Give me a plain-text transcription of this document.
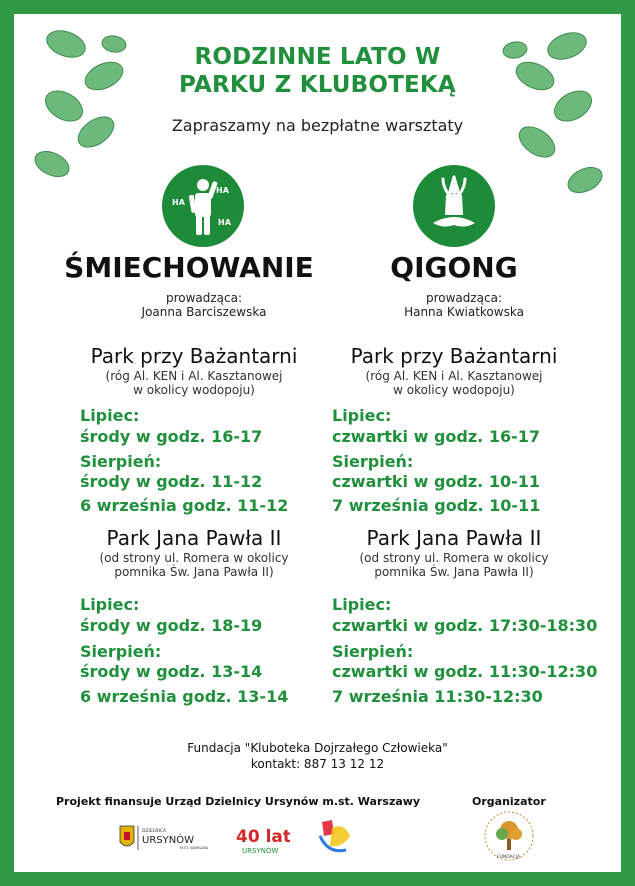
RODZINNE LATO W
PARKU Z KLUBOTEKĄ
Zapraszamy na bezpłatne warsztaty
HA
HA
HA
ŚMIECHOWANIE
prowadząca:
Joanna Barciszewska
QIGONG
prowadząca:
Hanna Kwiatkowska
Park przy Bażantarni
(róg Al. KEN i Al. Kasztanowej
w okolicy wodopoju)
Lipiec:
środy w godz. 16-17
Sierpień:
środy w godz. 11-12
6 września godz. 11-12
Park przy Bażantarni
(róg Al. KEN i Al. Kasztanowej
w okolicy wodopoju)
Lipiec:
czwartki w godz. 16-17
Sierpień:
czwartki w godz. 10-11
7 września godz. 10-11
Park Jana Pawła II
(od strony ul. Romera w okolicy
pomnika Św. Jana Pawła II)
Lipiec:
środy w godz. 18-19
Sierpień:
środy w godz. 13-14
6 września godz. 13-14
Park Jana Pawła II
(od strony ul. Romera w okolicy
pomnika Św. Jana Pawła II)
Lipiec:
czwartki w godz. 17:30-18:30
Sierpień:
czwartki w godz. 11:30-12:30
7 września 11:30-12:30
Fundacja "Kluboteka Dojrzałego Człowieka"
kontakt: 887 13 12 12
Projekt finansuje Urząd Dzielnicy Ursynów m.st. Warszawy	Organizator
DZIELNICA
URSYNÓW
M.ST. WARSZAWA
40 lat
URSYNÓW
FUNDACJA
